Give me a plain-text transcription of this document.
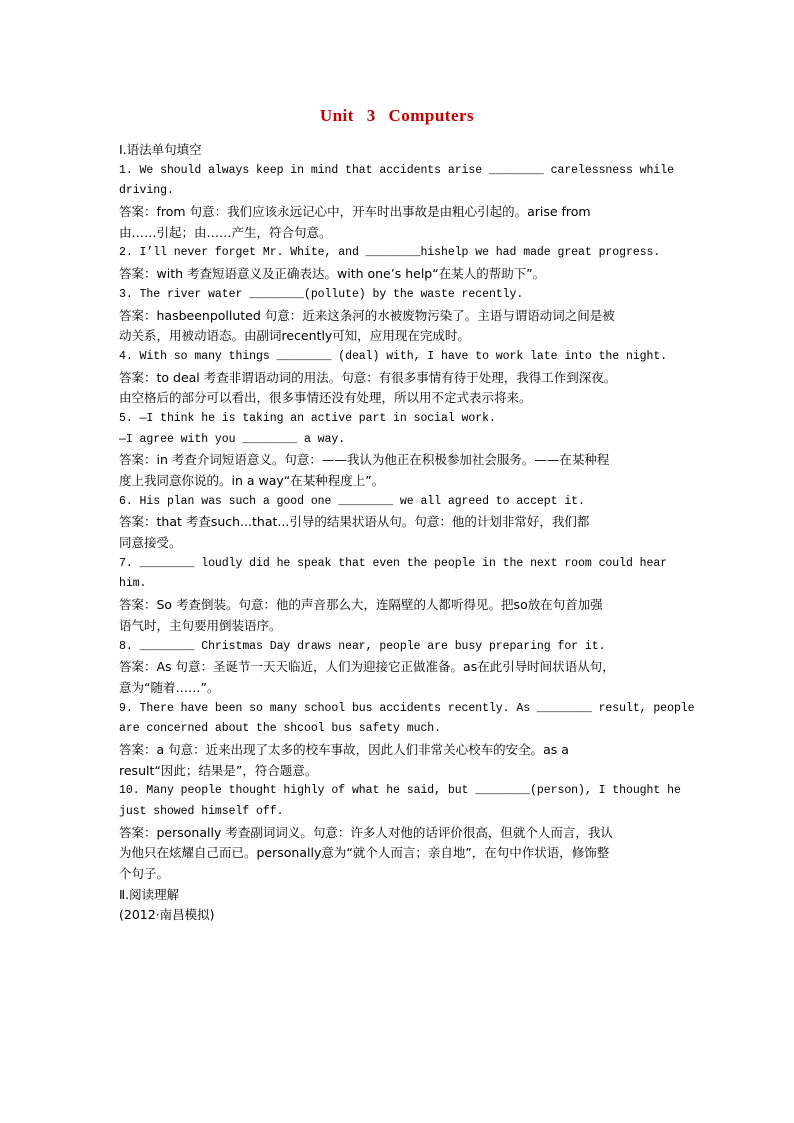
Unit 3 Computers
Ⅰ.语法单句填空
1. We should always keep in mind that accidents arise ________ carelessness while
driving.
答案：from 句意：我们应该永远记心中，开车时出事故是由粗心引起的。arise from
由……引起；由……产生，符合句意。
2. I’ll never forget Mr. White, and ________hishelp we had made great progress.
答案：with 考查短语意义及正确表达。with one’s help“在某人的帮助下”。
3. The river water ________(pollute) by the waste recently.
答案：hasbeenpolluted 句意：近来这条河的水被废物污染了。主语与谓语动词之间是被
动关系，用被动语态。由副词recently可知，应用现在完成时。
4. With so many things ________ (deal) with, I have to work late into the night.
答案：to deal 考查非谓语动词的用法。句意：有很多事情有待于处理，我得工作到深夜。
由空格后的部分可以看出，很多事情还没有处理，所以用不定式表示将来。
5. —I think he is taking an active part in social work.
—I agree with you ________ a way.
答案：in 考查介词短语意义。句意：——我认为他正在积极参加社会服务。——在某种程
度上我同意你说的。in a way“在某种程度上”。
6. His plan was such a good one ________ we all agreed to accept it.
答案：that 考查such...that...引导的结果状语从句。句意：他的计划非常好，我们都
同意接受。
7. ________ loudly did he speak that even the people in the next room could hear
him.
答案：So 考查倒装。句意：他的声音那么大，连隔壁的人都听得见。把so放在句首加强
语气时，主句要用倒装语序。
8. ________ Christmas Day draws near, people are busy preparing for it.
答案：As 句意：圣诞节一天天临近，人们为迎接它正做准备。as在此引导时间状语从句，
意为“随着……”。
9. There have been so many school bus accidents recently. As ________ result, people
are concerned about the shcool bus safety much.
答案：a 句意：近来出现了太多的校车事故，因此人们非常关心校车的安全。as a
result“因此；结果是”，符合题意。
10. Many people thought highly of what he said, but ________(person), I thought he
just showed himself off.
答案：personally 考查副词词义。句意：许多人对他的话评价很高，但就个人而言，我认
为他只在炫耀自己而已。personally意为“就个人而言；亲自地”，在句中作状语，修饰整
个句子。
Ⅱ.阅读理解
(2012·南昌模拟)
